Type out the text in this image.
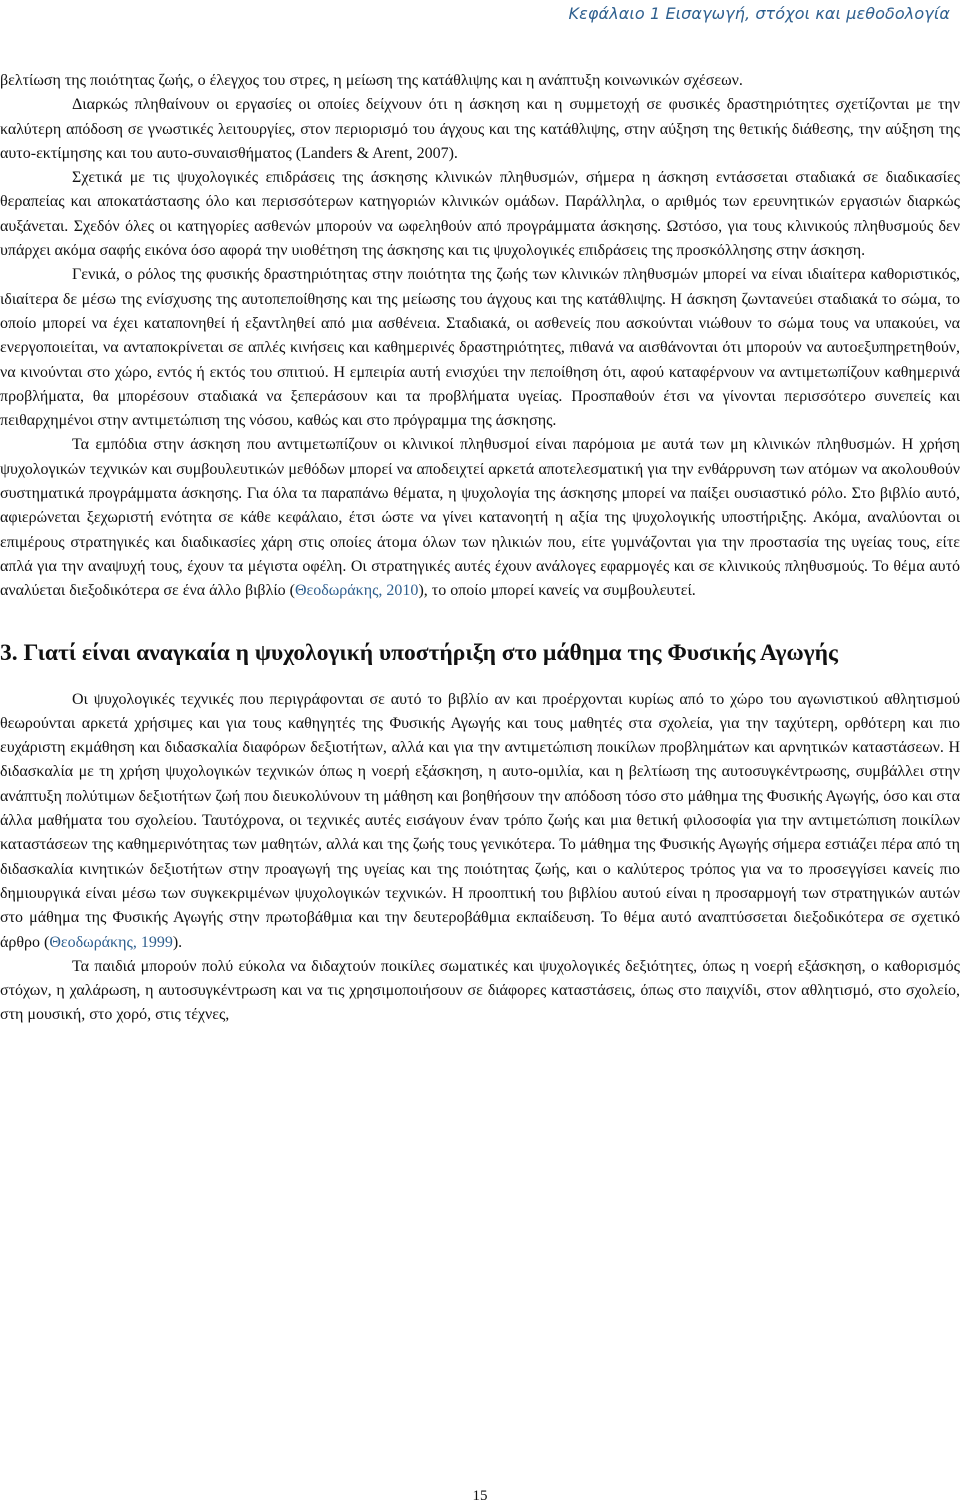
Κεφάλαιο 1 Εισαγωγή, στόχοι και μεθοδολογία

βελτίωση της ποιότητας ζωής, ο έλεγχος του στρες, η μείωση της κατάθλιψης και η ανάπτυξη κοινωνικών σχέσεων.

Διαρκώς πληθαίνουν οι εργασίες οι οποίες δείχνουν ότι η άσκηση και η συμμετοχή σε φυσικές δραστηριότητες σχετίζονται με την καλύτερη απόδοση σε γνωστικές λειτουργίες, στον περιορισμό του άγχους και της κατάθλιψης, στην αύξηση της θετικής διάθεσης, την αύξηση της αυτο-εκτίμησης και του αυτο-συναισθήματος (Landers & Arent, 2007).

Σχετικά με τις ψυχολογικές επιδράσεις της άσκησης κλινικών πληθυσμών, σήμερα η άσκηση εντάσσεται σταδιακά σε διαδικασίες θεραπείας και αποκατάστασης όλο και περισσότερων κατηγοριών κλινικών ομάδων. Παράλληλα, ο αριθμός των ερευνητικών εργασιών διαρκώς αυξάνεται. Σχεδόν όλες οι κατηγορίες ασθενών μπορούν να ωφεληθούν από προγράμματα άσκησης. Ωστόσο, για τους κλινικούς πληθυσμούς δεν υπάρχει ακόμα σαφής εικόνα όσο αφορά την υιοθέτηση της άσκησης και τις ψυχολογικές επιδράσεις της προσκόλλησης στην άσκηση.

Γενικά, ο ρόλος της φυσικής δραστηριότητας στην ποιότητα της ζωής των κλινικών πληθυσμών μπορεί να είναι ιδιαίτερα καθοριστικός, ιδιαίτερα δε μέσω της ενίσχυσης της αυτοπεποίθησης και της μείωσης του άγχους και της κατάθλιψης. Η άσκηση ζωντανεύει σταδιακά το σώμα, το οποίο μπορεί να έχει καταπονηθεί ή εξαντληθεί από μια ασθένεια. Σταδιακά, οι ασθενείς που ασκούνται νιώθουν το σώμα τους να υπακούει, να ενεργοποιείται, να ανταποκρίνεται σε απλές κινήσεις και καθημερινές δραστηριότητες, πιθανά να αισθάνονται ότι μπορούν να αυτοεξυπηρετηθούν, να κινούνται στο χώρο, εντός ή εκτός του σπιτιού. Η εμπειρία αυτή ενισχύει την πεποίθηση ότι, αφού καταφέρνουν να αντιμετωπίζουν καθημερινά προβλήματα, θα μπορέσουν σταδιακά να ξεπεράσουν και τα προβλήματα υγείας. Προσπαθούν έτσι να γίνονται περισσότερο συνεπείς και πειθαρχημένοι στην αντιμετώπιση της νόσου, καθώς και στο πρόγραμμα της άσκησης.

Τα εμπόδια στην άσκηση που αντιμετωπίζουν οι κλινικοί πληθυσμοί είναι παρόμοια με αυτά των μη κλινικών πληθυσμών. Η χρήση ψυχολογικών τεχνικών και συμβουλευτικών μεθόδων μπορεί να αποδειχτεί αρκετά αποτελεσματική για την ενθάρρυνση των ατόμων να ακολουθούν συστηματικά προγράμματα άσκησης. Για όλα τα παραπάνω θέματα, η ψυχολογία της άσκησης μπορεί να παίξει ουσιαστικό ρόλο. Στο βιβλίο αυτό, αφιερώνεται ξεχωριστή ενότητα σε κάθε κεφάλαιο, έτσι ώστε να γίνει κατανοητή η αξία της ψυχολογικής υποστήριξης. Ακόμα, αναλύονται οι επιμέρους στρατηγικές και διαδικασίες χάρη στις οποίες άτομα όλων των ηλικιών που, είτε γυμνάζονται για την προστασία της υγείας τους, είτε απλά για την αναψυχή τους, έχουν τα μέγιστα οφέλη. Οι στρατηγικές αυτές έχουν ανάλογες εφαρμογές και σε κλινικούς πληθυσμούς. Το θέμα αυτό αναλύεται διεξοδικότερα σε ένα άλλο βιβλίο (Θεοδωράκης, 2010), το οποίο μπορεί κανείς να συμβουλευτεί.

3. Γιατί είναι αναγκαία η ψυχολογική υποστήριξη στο μάθημα της Φυσικής Αγωγής

Οι ψυχολογικές τεχνικές που περιγράφονται σε αυτό το βιβλίο αν και προέρχονται κυρίως από το χώρο του αγωνιστικού αθλητισμού θεωρούνται αρκετά χρήσιμες και για τους καθηγητές της Φυσικής Αγωγής και τους μαθητές στα σχολεία, για την ταχύτερη, ορθότερη και πιο ευχάριστη εκμάθηση και διδασκαλία διαφόρων δεξιοτήτων, αλλά και για την αντιμετώπιση ποικίλων προβλημάτων και αρνητικών καταστάσεων. Η διδασκαλία με τη χρήση ψυχολογικών τεχνικών όπως η νοερή εξάσκηση, η αυτο-ομιλία, και η βελτίωση της αυτοσυγκέντρωσης, συμβάλλει στην ανάπτυξη πολύτιμων δεξιοτήτων ζωή που διευκολύνουν τη μάθηση και βοηθήσουν την απόδοση τόσο στο μάθημα της Φυσικής Αγωγής, όσο και στα άλλα μαθήματα του σχολείου. Ταυτόχρονα, οι τεχνικές αυτές εισάγουν έναν τρόπο ζωής και μια θετική φιλοσοφία για την αντιμετώπιση ποικίλων καταστάσεων της καθημερινότητας των μαθητών, αλλά και της ζωής τους γενικότερα. Το μάθημα της Φυσικής Αγωγής σήμερα εστιάζει πέρα από τη διδασκαλία κινητικών δεξιοτήτων στην προαγωγή της υγείας και της ποιότητας ζωής, και ο καλύτερος τρόπος για να το προσεγγίσει κανείς πιο δημιουργικά είναι μέσω των συγκεκριμένων ψυχολογικών τεχνικών. Η προοπτική του βιβλίου αυτού είναι η προσαρμογή των στρατηγικών αυτών στο μάθημα της Φυσικής Αγωγής στην πρωτοβάθμια και την δευτεροβάθμια εκπαίδευση. Το θέμα αυτό αναπτύσσεται διεξοδικότερα σε σχετικό άρθρο (Θεοδωράκης, 1999).

Τα παιδιά μπορούν πολύ εύκολα να διδαχτούν ποικίλες σωματικές και ψυχολογικές δεξιότητες, όπως η νοερή εξάσκηση, ο καθορισμός στόχων, η χαλάρωση, η αυτοσυγκέντρωση και να τις χρησιμοποιήσουν σε διάφορες καταστάσεις, όπως στο παιχνίδι, στον αθλητισμό, στο σχολείο, στη μουσική, στο χορό, στις τέχνες,

15
